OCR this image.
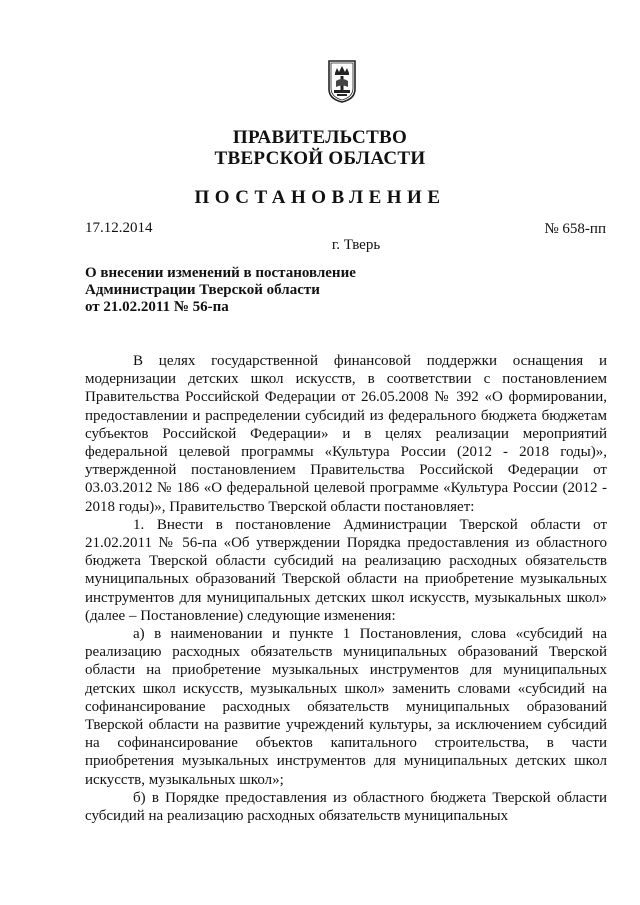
ПРАВИТЕЛЬСТВО
ТВЕРСКОЙ ОБЛАСТИ
ПОСТАНОВЛЕНИЕ
17.12.2014	№ 658-пп
г. Тверь
О внесении изменений в постановление
Администрации Тверской области
от 21.02.2011 № 56-па

В целях государственной финансовой поддержки оснащения и модернизации детских школ искусств, в соответствии с постановлением Правительства Российской Федерации от 26.05.2008 № 392 «О формировании, предоставлении и распределении субсидий из федерального бюджета бюджетам субъектов Российской Федерации» и в целях реализации мероприятий федеральной целевой программы «Культура России (2012 - 2018 годы)», утвержденной постановлением Правительства Российской Федерации от 03.03.2012 № 186 «О федеральной целевой программе «Культура России (2012 - 2018 годы)», Правительство Тверской области постановляет:

1. Внести в постановление Администрации Тверской области от 21.02.2011 № 56-па «Об утверждении Порядка предоставления из областного бюджета Тверской области субсидий на реализацию расходных обязательств муниципальных образований Тверской области на приобретение музыкальных инструментов для муниципальных детских школ искусств, музыкальных школ» (далее – Постановление) следующие изменения:

а) в наименовании и пункте 1 Постановления, слова «субсидий на реализацию расходных обязательств муниципальных образований Тверской области на приобретение музыкальных инструментов для муниципальных детских школ искусств, музыкальных школ» заменить словами «субсидий на софинансирование расходных обязательств муниципальных образований Тверской области на развитие учреждений культуры, за исключением субсидий на софинансирование объектов капитального строительства, в части приобретения музыкальных инструментов для муниципальных детских школ искусств, музыкальных школ»;

б) в Порядке предоставления из областного бюджета Тверской области субсидий на реализацию расходных обязательств муниципальных
